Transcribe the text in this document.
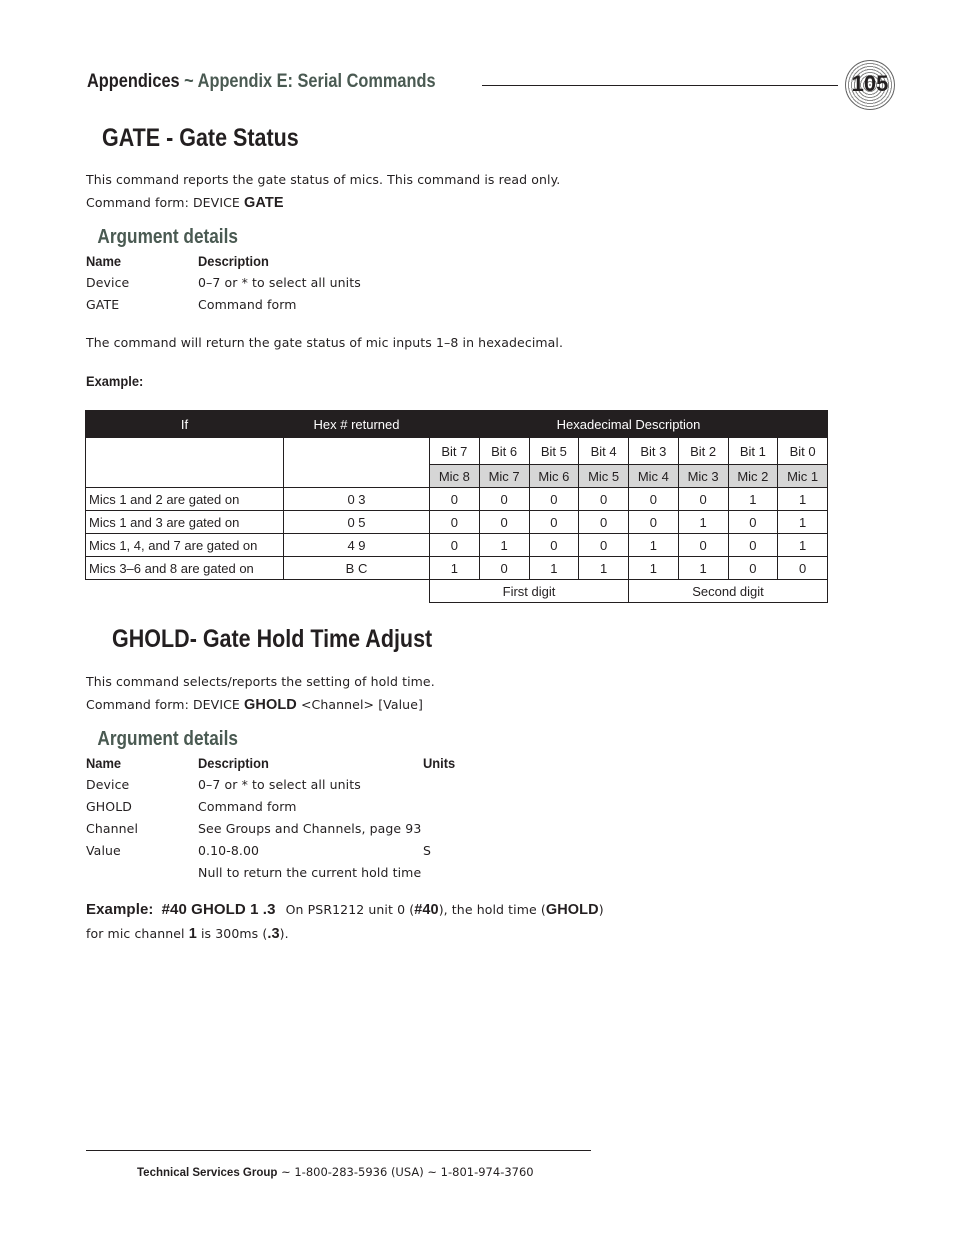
Appendices ~ Appendix E: Serial Commands	105
GATE - Gate Status
This command reports the gate status of mics. This command is read only.
Command form: DEVICE GATE
Argument details
Name	Description
Device	0–7 or * to select all units
GATE	Command form
The command will return the gate status of mic inputs 1–8 in hexadecimal.
Example:
If	Hex # returned	Hexadecimal Description							
		Bit 7	Bit 6	Bit 5	Bit 4	Bit 3	Bit 2	Bit 1	Bit 0
		Mic 8	Mic 7	Mic 6	Mic 5	Mic 4	Mic 3	Mic 2	Mic 1
Mics 1 and 2 are gated on	0 3	0	0	0	0	0	0	1	1
Mics 1 and 3 are gated on	0 5	0	0	0	0	0	1	0	1
Mics 1, 4, and 7 are gated on	4 9	0	1	0	0	1	0	0	1
Mics 3–6 and 8 are gated on	B C	1	0	1	1	1	1	0	0
		First digit				Second digit			
GHOLD- Gate Hold Time Adjust
This command selects/reports the setting of hold time.
Command form: DEVICE GHOLD <Channel> [Value]
Argument details
Name	Description	Units
Device	0–7 or * to select all units
GHOLD	Command form
Channel	See Groups and Channels, page 93
Value	0.10-8.00	S
Null to return the current hold time
Example: #40 GHOLD 1 .3 On PSR1212 unit 0 (#40), the hold time (GHOLD)
for mic channel 1 is 300ms (.3).
Technical Services Group ~ 1-800-283-5936 (USA) ~ 1-801-974-3760
